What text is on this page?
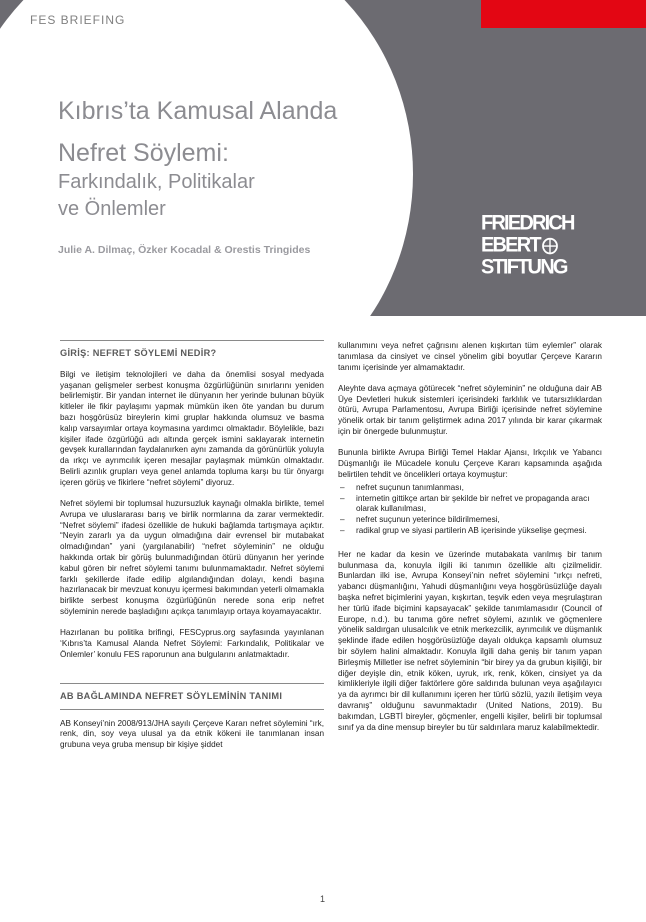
FES BRIEFING
Kıbrıs’ta Kamusal Alanda
Nefret Söylemi:
Farkındalık, Politikalar
ve Önlemler
Julie A. Dilmaç, Özker Kocadal & Orestis Tringides
FRIEDRICH
EBERT
STIFTUNG
GİRİŞ: NEFRET SÖYLEMİ NEDİR?

Bilgi ve iletişim teknolojileri ve daha da önemlisi sosyal medyada yaşanan gelişmeler serbest konuşma özgürlüğünün sınırlarını yeniden belirlemiştir. Bir yandan internet ile dünyanın her yerinde bulunan büyük kitleler ile fikir paylaşımı yapmak mümkün iken öte yandan bu durum bazı hoşgörüsüz bireylerin kimi gruplar hakkında olumsuz ve basma kalıp varsayımlar ortaya koymasına yardımcı olmaktadır. Böylelikle, bazı kişiler ifade özgürlüğü adı altında gerçek ismini saklayarak internetin gevşek kurallarından faydalanırken aynı zamanda da görünürlük yoluyla da ırkçı ve ayrımcılık içeren mesajlar paylaşmak mümkün olmaktadır. Belirli azınlık grupları veya genel anlamda topluma karşı bu tür önyargı içeren görüş ve fikirlere “nefret söylemi” diyoruz.

Nefret söylemi bir toplumsal huzursuzluk kaynağı olmakla birlikte, temel Avrupa ve uluslararası barış ve birlik normlarına da zarar vermektedir. “Nefret söylemi” ifadesi özellikle de hukuki bağlamda tartışmaya açıktır. “Neyin zararlı ya da uygun olmadığına dair evrensel bir mutabakat olmadığından” yani (yargılanabilir) “nefret söyleminin” ne olduğu hakkında ortak bir görüş bulunmadığından ötürü dünyanın her yerinde kabul gören bir nefret söylemi tanımı bulunmamaktadır. Nefret söylemi farklı şekillerde ifade edilip algılandığından dolayı, kendi başına hazırlanacak bir mevzuat konuyu içermesi bakımından yeterli olmamakla birlikte serbest konuşma özgürlüğünün nerede sona erip nefret söyleminin nerede başladığını açıkça tanımlayıp ortaya koyamayacaktır.

Hazırlanan bu politika brifingi, FESCyprus.org sayfasında yayınlanan ‘Kıbrıs’ta Kamusal Alanda Nefret Söylemi: Farkındalık, Politikalar ve Önlemler’ konulu FES raporunun ana bulgularını anlatmaktadır.

AB BAĞLAMINDA NEFRET SÖYLEMİNİN TANIMI

AB Konseyi’nin 2008/913/JHA sayılı Çerçeve Kararı nefret söylemini “ırk, renk, din, soy veya ulusal ya da etnik kökeni ile tanımlanan insan grubuna veya gruba mensup bir kişiye şiddet

kullanımını veya nefret çağrısını alenen kışkırtan tüm eylemler” olarak tanımlasa da cinsiyet ve cinsel yönelim gibi boyutlar Çerçeve Kararın tanımı içerisinde yer almamaktadır.

Aleyhte dava açmaya götürecek “nefret söyleminin” ne olduğuna dair AB Üye Devletleri hukuk sistemleri içerisindeki farklılık ve tutarsızlıklardan ötürü, Avrupa Parlamentosu, Avrupa Birliği içerisinde nefret söylemine yönelik ortak bir tanım geliştirmek adına 2017 yılında bir karar çıkarmak için bir önergede bulunmuştur.

Bununla birlikte Avrupa Birliği Temel Haklar Ajansı, Irkçılık ve Yabancı Düşmanlığı ile Mücadele konulu Çerçeve Kararı kapsamında aşağıda belirtilen tehdit ve öncelikleri ortaya koymuştur:

– nefret suçunun tanımlanması,
– internetin gittikçe artan bir şekilde bir nefret ve propaganda aracı olarak kullanılması,
– nefret suçunun yeterince bildirilmemesi,
– radikal grup ve siyasi partilerin AB içerisinde yükselişe geçmesi.

Her ne kadar da kesin ve üzerinde mutabakata varılmış bir tanım bulunmasa da, konuyla ilgili iki tanımın özellikle altı çizilmelidir. Bunlardan ilki ise, Avrupa Konseyi’nin nefret söylemini “ırkçı nefreti, yabancı düşmanlığını, Yahudi düşmanlığını veya hoşgörüsüzlüğe dayalı başka nefret biçimlerini yayan, kışkırtan, teşvik eden veya meşrulaştıran her türlü ifade biçimini kapsayacak” şekilde tanımlamasıdır (Council of Europe, n.d.). bu tanıma göre nefret söylemi, azınlık ve göçmenlere yönelik saldırgan ulusalcılık ve etnik merkezcilik, ayrımcılık ve düşmanlık şeklinde ifade edilen hoşgörüsüzlüğe dayalı oldukça kapsamlı olumsuz bir söylem halini almaktadır. Konuyla ilgili daha geniş bir tanım yapan Birleşmiş Milletler ise nefret söyleminin “bir birey ya da grubun kişiliği, bir diğer deyişle din, etnik köken, uyruk, ırk, renk, köken, cinsiyet ya da kimlikleriyle ilgili diğer faktörlere göre saldırıda bulunan veya aşağılayıcı ya da ayrımcı bir dil kullanımını içeren her türlü sözlü, yazılı iletişim veya davranış” olduğunu savunmaktadır (United Nations, 2019). Bu bakımdan, LGBTİ bireyler, göçmenler, engelli kişiler, belirli bir toplumsal sınıf ya da dine mensup bireyler bu tür saldırılara maruz kalabilmektedir.

1
